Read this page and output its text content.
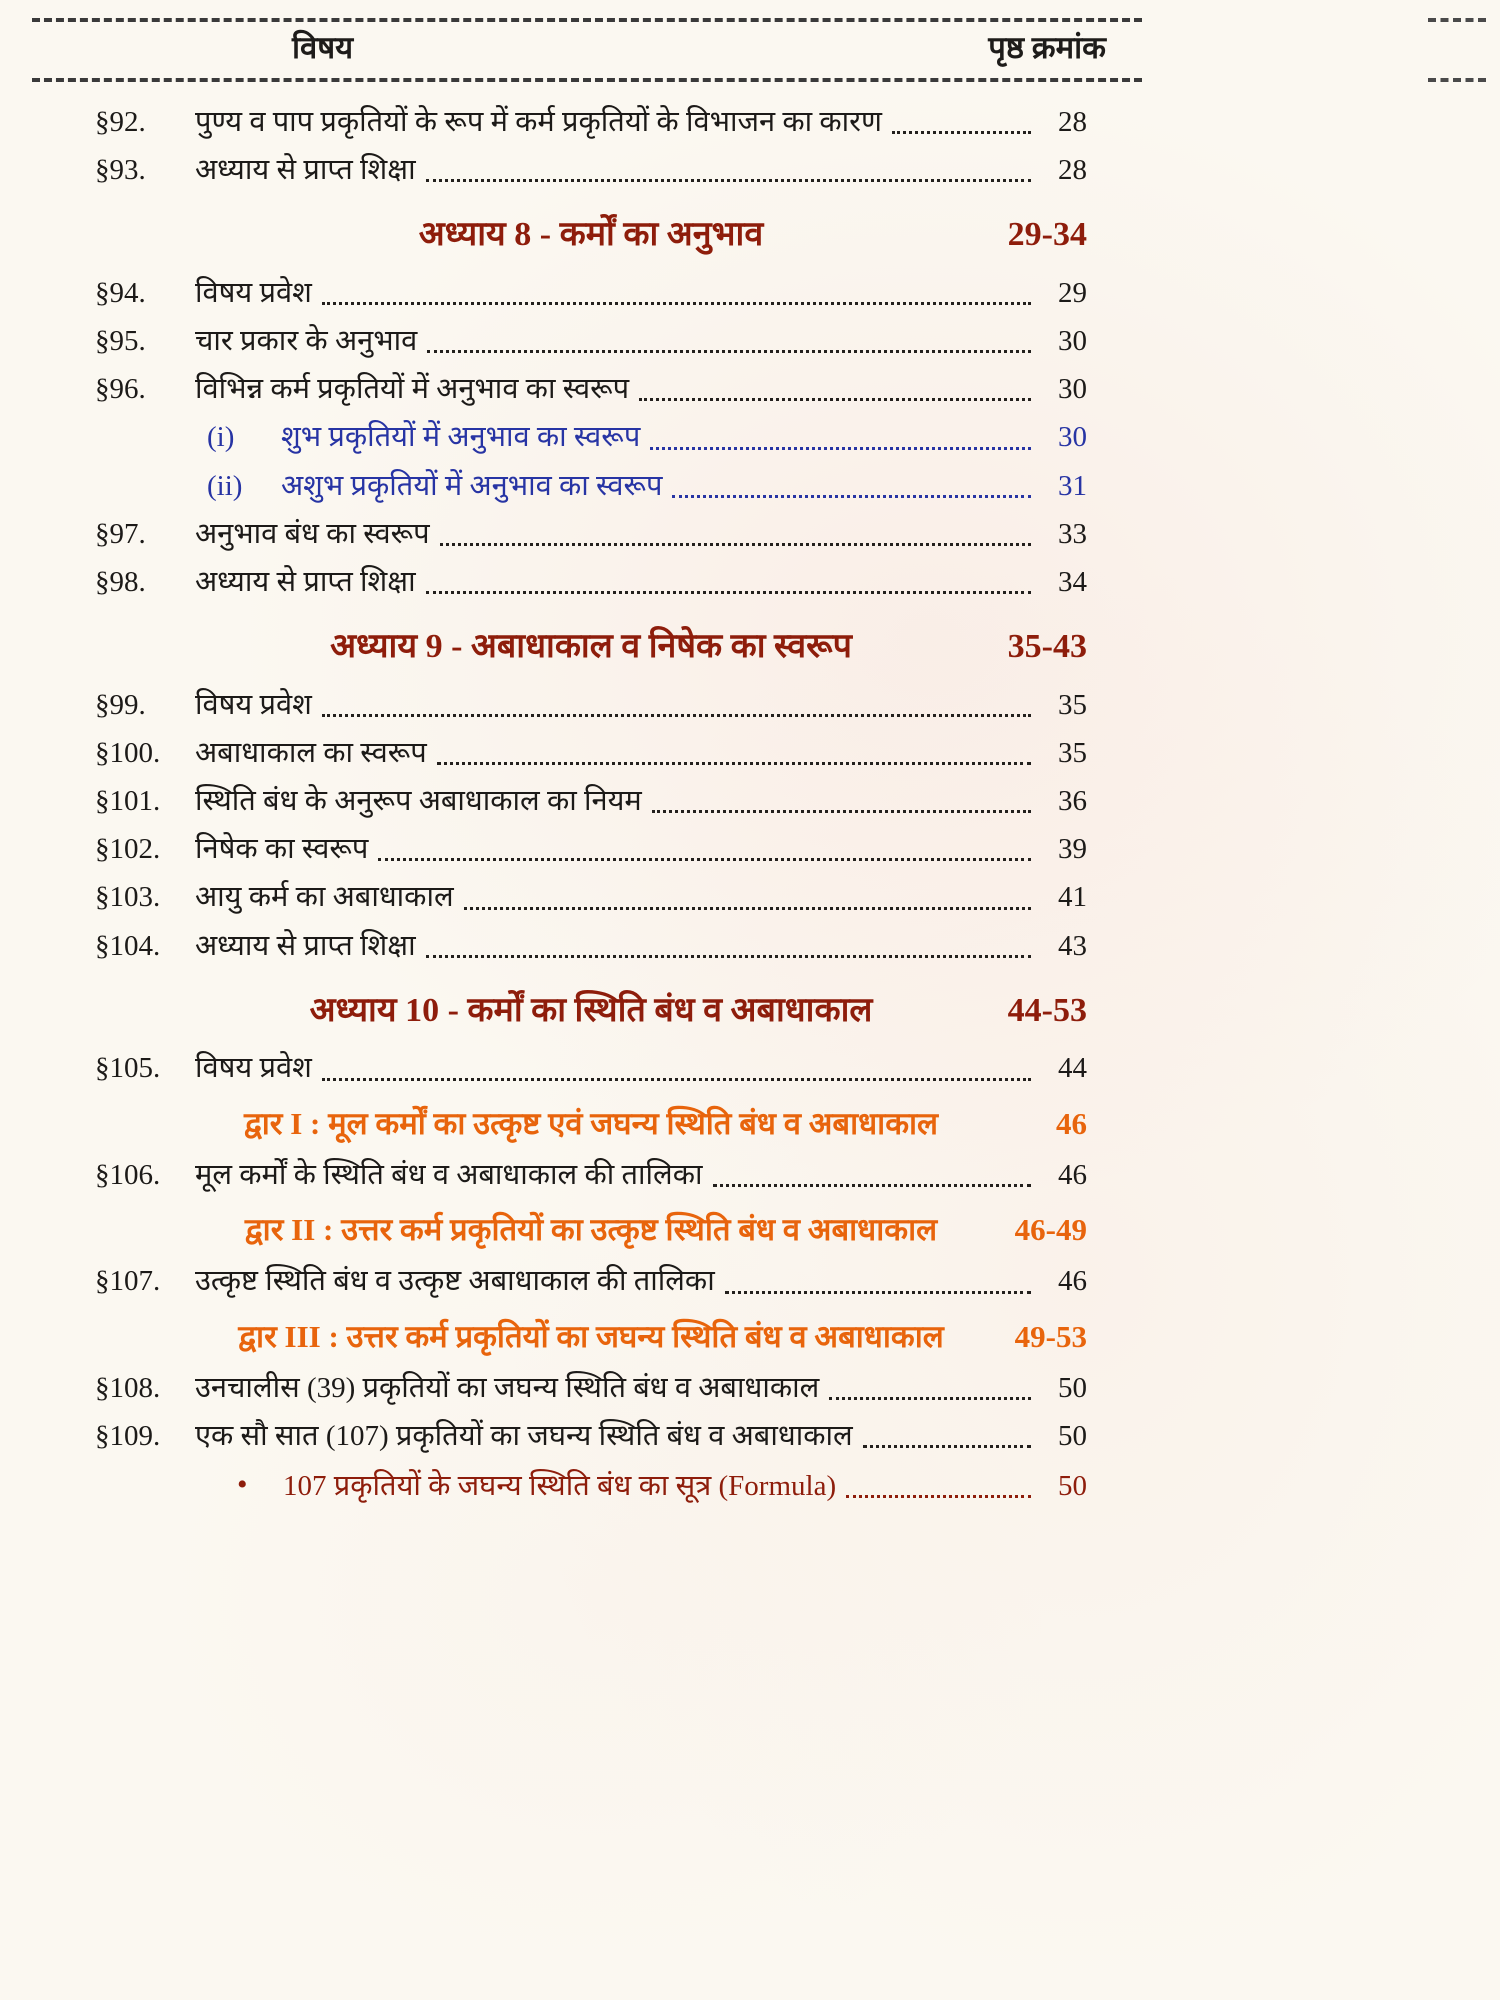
विषय	पृष्ठ क्रमांक
§92.	पुण्य व पाप प्रकृतियों के रूप में कर्म प्रकृतियों के विभाजन का कारण	28
§93.	अध्याय से प्राप्त शिक्षा	28
अध्याय 8 - कर्मों का अनुभाव	29-34
§94.	विषय प्रवेश	29
§95.	चार प्रकार के अनुभाव	30
§96.	विभिन्न कर्म प्रकृतियों में अनुभाव का स्वरूप	30
(i)	शुभ प्रकृतियों में अनुभाव का स्वरूप	30
(ii)	अशुभ प्रकृतियों में अनुभाव का स्वरूप	31
§97.	अनुभाव बंध का स्वरूप	33
§98.	अध्याय से प्राप्त शिक्षा	34
अध्याय 9 - अबाधाकाल व निषेक का स्वरूप	35-43
§99.	विषय प्रवेश	35
§100.	अबाधाकाल का स्वरूप	35
§101.	स्थिति बंध के अनुरूप अबाधाकाल का नियम	36
§102.	निषेक का स्वरूप	39
§103.	आयु कर्म का अबाधाकाल	41
§104.	अध्याय से प्राप्त शिक्षा	43
अध्याय 10 - कर्मों का स्थिति बंध व अबाधाकाल	44-53
§105.	विषय प्रवेश	44
द्वार I : मूल कर्मों का उत्कृष्ट एवं जघन्य स्थिति बंध व अबाधाकाल	46
§106.	मूल कर्मों के स्थिति बंध व अबाधाकाल की तालिका	46
द्वार II : उत्तर कर्म प्रकृतियों का उत्कृष्ट स्थिति बंध व अबाधाकाल	46-49
§107.	उत्कृष्ट स्थिति बंध व उत्कृष्ट अबाधाकाल की तालिका	46
द्वार III : उत्तर कर्म प्रकृतियों का जघन्य स्थिति बंध व अबाधाकाल 49-53
§108.	उनचालीस (39) प्रकृतियों का जघन्य स्थिति बंध व अबाधाकाल	50
§109.	एक सौ सात (107) प्रकृतियों का जघन्य स्थिति बंध व अबाधाकाल	50
•	107 प्रकृतियों के जघन्य स्थिति बंध का सूत्र (Formula)	50
